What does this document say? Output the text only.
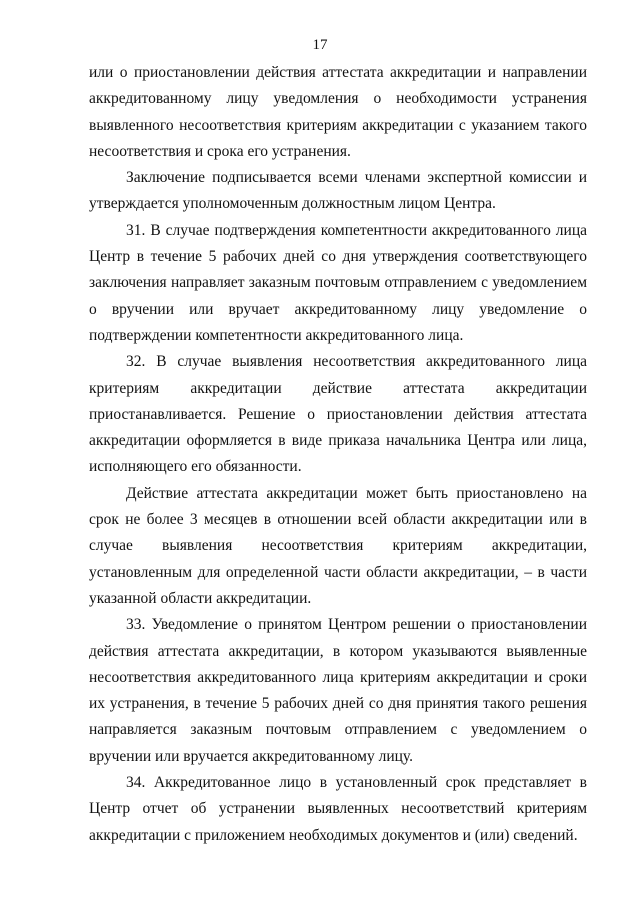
17

или о приостановлении действия аттестата аккредитации и направлении аккредитованному лицу уведомления о необходимости устранения выявленного несоответствия критериям аккредитации с указанием такого несоответствия и срока его устранения.

Заключение подписывается всеми членами экспертной комиссии и утверждается уполномоченным должностным лицом Центра.

31. В случае подтверждения компетентности аккредитованного лица Центр в течение 5 рабочих дней со дня утверждения соответствующего заключения направляет заказным почтовым отправлением с уведомлением о вручении или вручает аккредитованному лицу уведомление о подтверждении компетентности аккредитованного лица.

32. В случае выявления несоответствия аккредитованного лица критериям аккредитации действие аттестата аккредитации приостанавливается. Решение о приостановлении действия аттестата аккредитации оформляется в виде приказа начальника Центра или лица, исполняющего его обязанности.

Действие аттестата аккредитации может быть приостановлено на срок не более 3 месяцев в отношении всей области аккредитации или в случае выявления несоответствия критериям аккредитации, установленным для определенной части области аккредитации, – в части указанной области аккредитации.

33. Уведомление о принятом Центром решении о приостановлении действия аттестата аккредитации, в котором указываются выявленные несоответствия аккредитованного лица критериям аккредитации и сроки их устранения, в течение 5 рабочих дней со дня принятия такого решения направляется заказным почтовым отправлением с уведомлением о вручении или вручается аккредитованному лицу.

34. Аккредитованное лицо в установленный срок представляет в Центр отчет об устранении выявленных несоответствий критериям аккредитации с приложением необходимых документов и (или) сведений.
